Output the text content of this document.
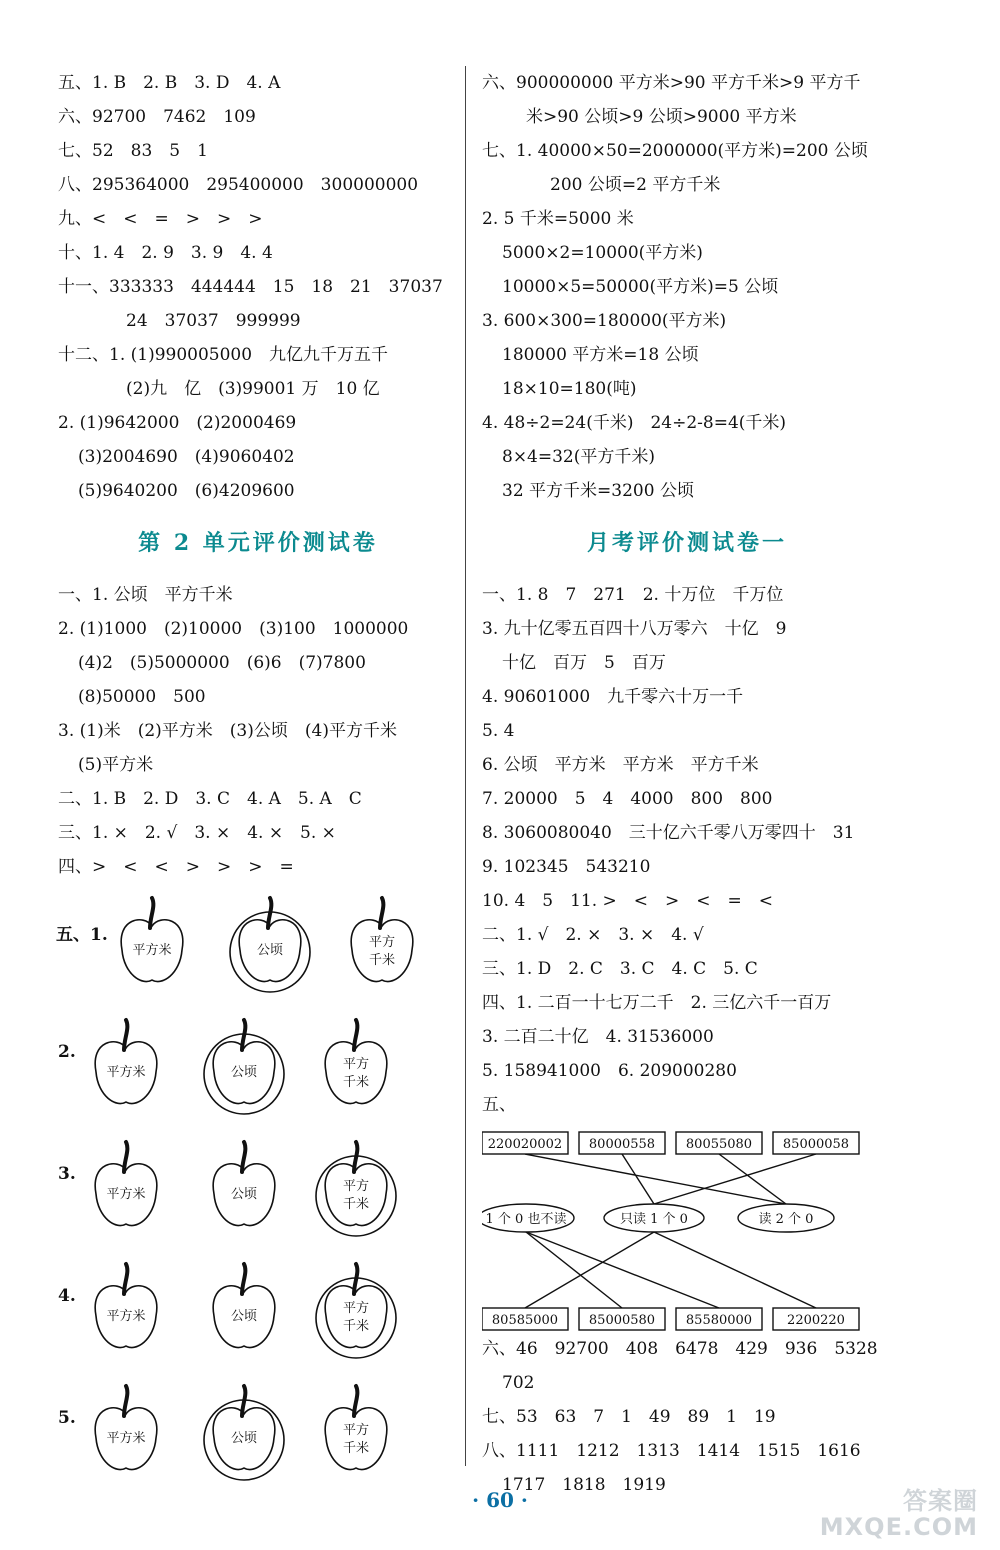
五、1. B　2. B　3. D　4. A
六、92700　7462　109
七、52　83　5　1
八、295364000　295400000　300000000
九、<　<　=　>　>　>
十、1. 4　2. 9　3. 9　4. 4
十一、333333　444444　15　18　21　37037
24　37037　999999
十二、1. (1)990005000　九亿九千万五千
(2)九　亿　(3)99001 万　10 亿
2. (1)9642000　(2)2000469
(3)2004690　(4)9060402
(5)9640200　(6)4209600
第 2 单元评价测试卷
一、1. 公顷　平方千米
2. (1)1000　(2)10000　(3)100　1000000
(4)2　(5)5000000　(6)6　(7)7800
(8)50000　500
3. (1)米　(2)平方米　(3)公顷　(4)平方千米
(5)平方米
二、1. B　2. D　3. C　4. A　5. A　C
三、1. ×　2. √　3. ×　4. ×　5. ×
四、>　<　<　>　>　>　=
五、1.
平方米	公顷
平方
千米
2.
平方米	公顷
平方
千米
3.
平方米	公顷
平方
千米
4.
平方米	公顷
平方
千米
5.
平方米	公顷
平方
千米
六、900000000 平方米>90 平方千米>9 平方千
米>90 公顷>9 公顷>9000 平方米
七、1. 40000×50=2000000(平方米)=200 公顷
200 公顷=2 平方千米
2. 5 千米=5000 米
5000×2=10000(平方米)
10000×5=50000(平方米)=5 公顷
3. 600×300=180000(平方米)
180000 平方米=18 公顷
18×10=180(吨)
4. 48÷2=24(千米)　24÷2-8=4(千米)
8×4=32(平方千米)
32 平方千米=3200 公顷
月考评价测试卷一
一、1. 8　7　271　2. 十万位　千万位
3. 九十亿零五百四十八万零六　十亿　9
十亿　百万　5　百万
4. 90601000　九千零六十万一千
5. 4
6. 公顷　平方米　平方米　平方千米
7. 20000　5　4　4000　800　800
8. 3060080040　三十亿六千零八万零四十　31
9. 102345　543210
10. 4　5　11. >　<　>　<　=　<
二、1. √　2. ×　3. ×　4. √
三、1. D　2. C　3. C　4. C　5. C
四、1. 二百一十七万二千　2. 三亿六千一百万
3. 二百二十亿　4. 31536000
5. 158941000　6. 209000280
五、
220020002 80000558 80055080 85000058
80585000 85000580 85580000	2200220
1 个 0 也不读	只读 1 个 0	读 2 个 0
六、46　92700　408　6478　429　936　5328
702
七、53　63　7　1　49　89　1　19
八、1111　1212　1313　1414　1515　1616
1717　1818　1919
· 60 ·	答案圈
MXQE.COM
